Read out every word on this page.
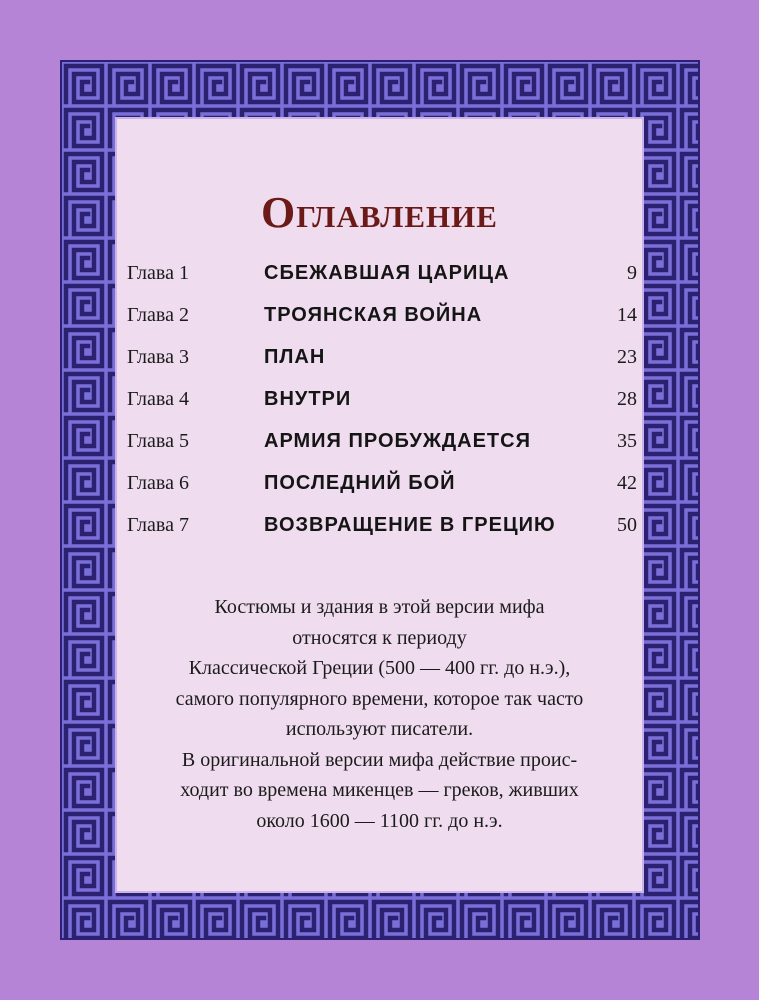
Оглавление
Глава 1	СБЕЖАВШАЯ ЦАРИЦА	9
Глава 2	ТРОЯНСКАЯ ВОЙНА	14
Глава 3	ПЛАН	23
Глава 4	ВНУТРИ	28
Глава 5	АРМИЯ ПРОБУЖДАЕТСЯ	35
Глава 6	ПОСЛЕДНИЙ БОЙ	42
Глава 7	ВОЗВРАЩЕНИЕ В ГРЕЦИЮ	50
Костюмы и здания в этой версии мифа
относятся к периоду
Классической Греции (500 — 400 гг. до н.э.),
самого популярного времени, которое так часто
используют писатели.
В оригинальной версии мифа действие проис-
ходит во времена микенцев — греков, живших
около 1600 — 1100 гг. до н.э.
